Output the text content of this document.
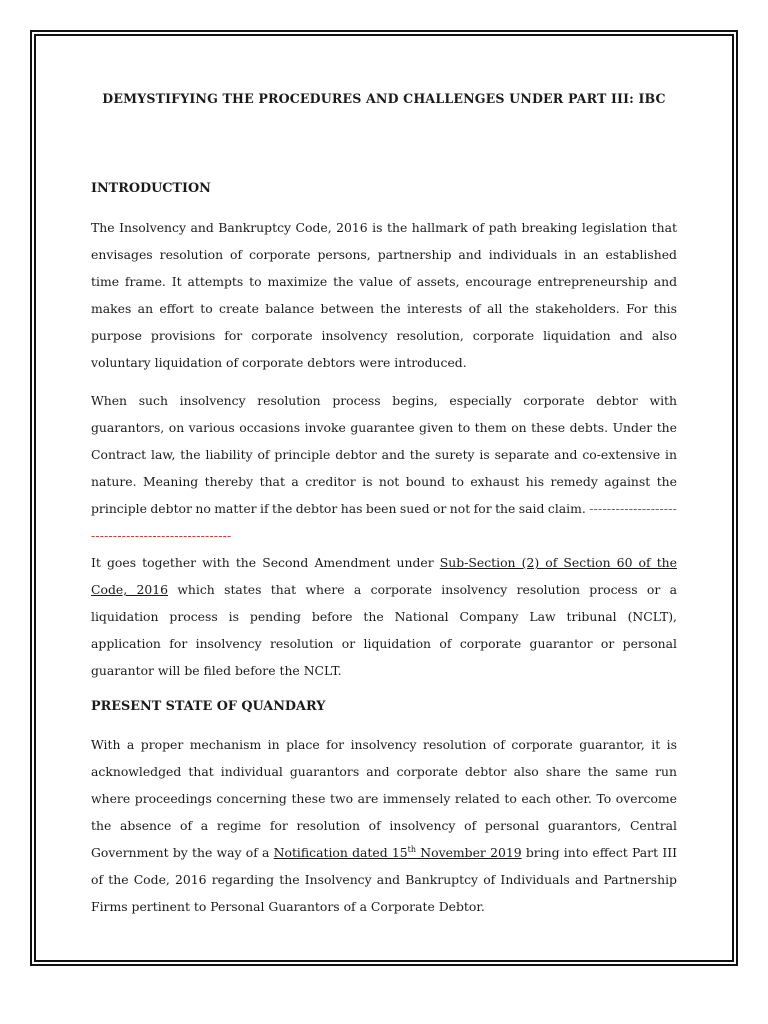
DEMYSTIFYING THE PROCEDURES AND CHALLENGES UNDER PART III: IBC
INTRODUCTION

The Insolvency and Bankruptcy Code, 2016 is the hallmark of path breaking legislation that envisages resolution of corporate persons, partnership and individuals in an established time frame. It attempts to maximize the value of assets, encourage entrepreneurship and makes an effort to create balance between the interests of all the stakeholders. For this purpose provisions for corporate insolvency resolution, corporate liquidation and also voluntary liquidation of corporate debtors were introduced.

When such insolvency resolution process begins, especially corporate debtor with guarantors, on various occasions invoke guarantee given to them on these debts. Under the Contract law, the liability of principle debtor and the surety is separate and co-extensive in nature. Meaning thereby that a creditor is not bound to exhaust his remedy against the principle debtor no matter if the debtor has been sued or not for the said claim. ----------------------------------------------------

It goes together with the Second Amendment under Sub-Section (2) of Section 60 of the Code, 2016 which states that where a corporate insolvency resolution process or a liquidation process is pending before the National Company Law tribunal (NCLT), application for insolvency resolution or liquidation of corporate guarantor or personal guarantor will be filed before the NCLT.

PRESENT STATE OF QUANDARY

With a proper mechanism in place for insolvency resolution of corporate guarantor, it is acknowledged that individual guarantors and corporate debtor also share the same run where proceedings concerning these two are immensely related to each other. To overcome the absence of a regime for resolution of insolvency of personal guarantors, Central Government by the way of a Notification dated 15th November 2019 bring into effect Part III of the Code, 2016 regarding the Insolvency and Bankruptcy of Individuals and Partnership Firms pertinent to Personal Guarantors of a Corporate Debtor.
